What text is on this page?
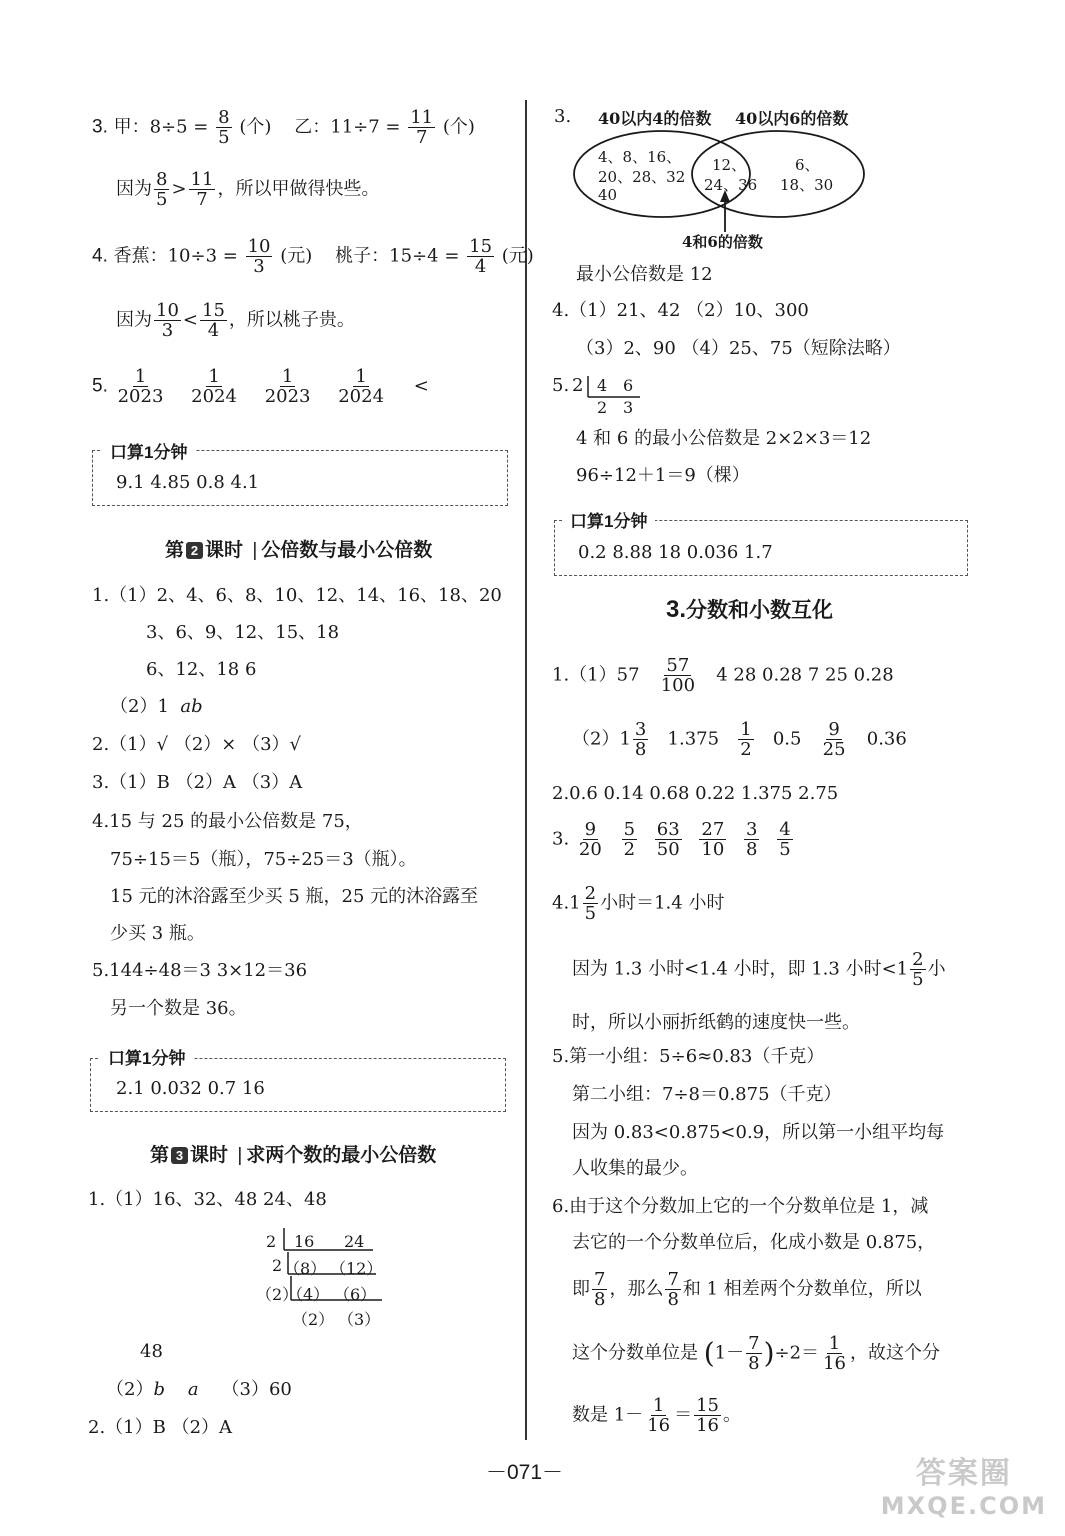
3. 甲：$8\div 5 = \frac{8}{5}$ (个) 乙：$11\div 7 = \frac{11}{7}$ (个)
因为 $\frac{8}{5} > \frac{11}{7}$ ，所以甲做得快些。
4. 香蕉：$10\div 3 = \frac{10}{3}$ (元) 桃子：$15\div 4 = \frac{15}{4}$ (元)
因为 $\frac{10}{3} < \frac{15}{4}$ ，所以桃子贵。
5. $\frac{1}{2023}$
$\frac{1}{2024}$
$\frac{1}{2023}$
$\frac{1}{2024}$ <
口算1分钟
9.1 4.85 0.8 4.1
第 2 课时 | 公倍数与最小公倍数
1.（1）2、4、6、8、10、12、14、16、18、20
3、6、9、12、15、18
6、12、18 6
（2）1 ab
2.（1）√ （2）× （3）√
3.（1）B （2）A （3）A
4.15 与 25 的最小公倍数是 75，
75÷15＝5（瓶），75÷25＝3（瓶）。
15 元的沐浴露至少买 5 瓶，25 元的沐浴露至
少买 3 瓶。
5.144÷48＝3 3×12＝36
另一个数是 36。
口算1分钟
2.1 0.032 0.7 16
第 3 课时 | 求两个数的最小公倍数
1.（1）16、32、48 24、48
2 16 24
2 （8） （12）
（2）
（4） （6）
（2） （3）
48
（2）b a （3）60
2.（1）B （2）A
3. 40以内4的倍数 40以内6的倍数
4、8、16、
20、28、32
40
12、
24、36
6、
18、30
4和6的倍数
最小公倍数是 12
4.（1）21、42 （2）10、300
（3）2、90 （4）25、75（短除法略）
5. 2 4 6
2 3
4 和 6 的最小公倍数是 2×2×3＝12
96÷12＋1＝9（棵）
口算1分钟
0.2 8.88 18 0.036 1.7
3.分数和小数互化
$1.(1)57 \frac{57}{100} 4$ 28 0.28 7 25 0.28
$(2)1 \frac{3}{8} 1.375 \frac{1}{2} 0.5 \frac{9}{25} 0.36$
2.0.6 0.14 0.68 0.22 1.375 2.75
3. $\frac{9}{20}$
$\frac{5}{2}$
$\frac{63}{50}$
$\frac{27}{10}$
$\frac{3}{8}$
$\frac{4}{5}$
$4.1 \frac{2}{5}$ 小时＝1.4 小时
因为 1.3 小时<1.4 小时，即 1.3 小时$<1 \frac{2}{5}$ 小
时，所以小丽折纸鹤的速度快一些。
5.第一小组：5÷6≈0.83（千克）
第二小组：7÷8＝0.875（千克）
因为 0.83<0.875<0.9，所以第一小组平均每
人收集的最少。
6.由于这个分数加上它的一个分数单位是 1，减
去它的一个分数单位后，化成小数是 0.875，
即 $\frac{7}{8}$ ，那么 $\frac{7}{8}$ 和 1 相差两个分数单位，所以
这个分数单位是 $(1- \frac{7}{8} )\div 2= \frac{1}{16}$ ，故这个分
数是 $1- \frac{1}{16} = \frac{15}{16}$ 。
－071－	答案圈
MXQE.COM
